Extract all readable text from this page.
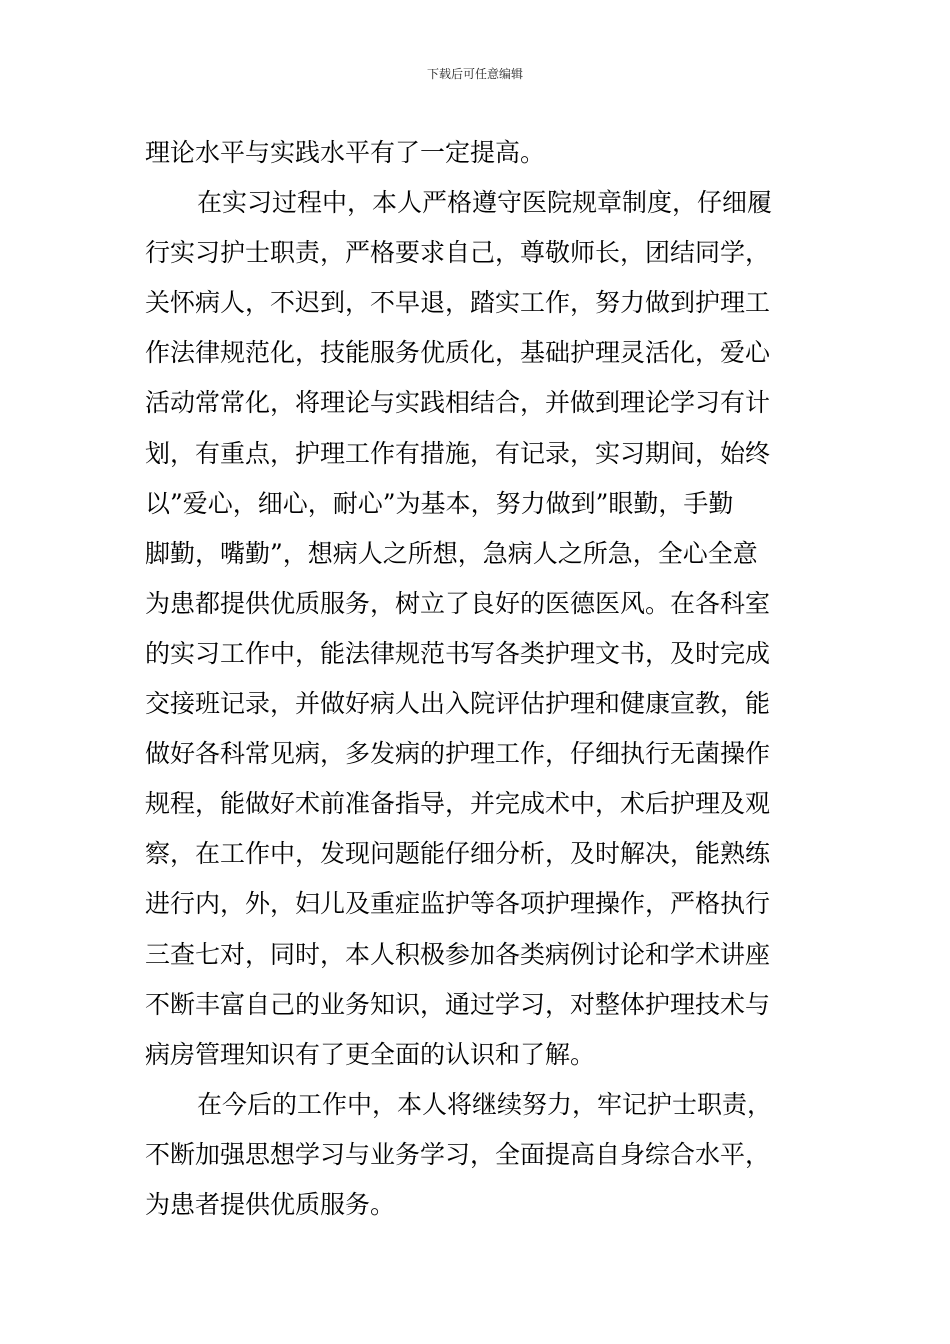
下载后可任意编辑
理论水平与实践水平有了一定提高。
在实习过程中，本人严格遵守医院规章制度，仔细履
行实习护士职责，严格要求自己，尊敬师长，团结同学，
关怀病人，不迟到，不早退，踏实工作，努力做到护理工
作法律规范化，技能服务优质化，基础护理灵活化，爱心
活动常常化，将理论与实践相结合，并做到理论学习有计
划，有重点，护理工作有措施，有记录，实习期间，始终
以”爱心，细心，耐心”为基本，努力做到”眼勤，手勤
脚勤，嘴勤”，想病人之所想，急病人之所急，全心全意
为患都提供优质服务，树立了良好的医德医风。在各科室
的实习工作中，能法律规范书写各类护理文书，及时完成
交接班记录，并做好病人出入院评估护理和健康宣教，能
做好各科常见病，多发病的护理工作，仔细执行无菌操作
规程，能做好术前准备指导，并完成术中，术后护理及观
察，在工作中，发现问题能仔细分析，及时解决，能熟练
进行内，外，妇儿及重症监护等各项护理操作，严格执行
三查七对，同时，本人积极参加各类病例讨论和学术讲座
不断丰富自己的业务知识，通过学习，对整体护理技术与
病房管理知识有了更全面的认识和了解。
在今后的工作中，本人将继续努力，牢记护士职责，
不断加强思想学习与业务学习，全面提高自身综合水平，
为患者提供优质服务。
